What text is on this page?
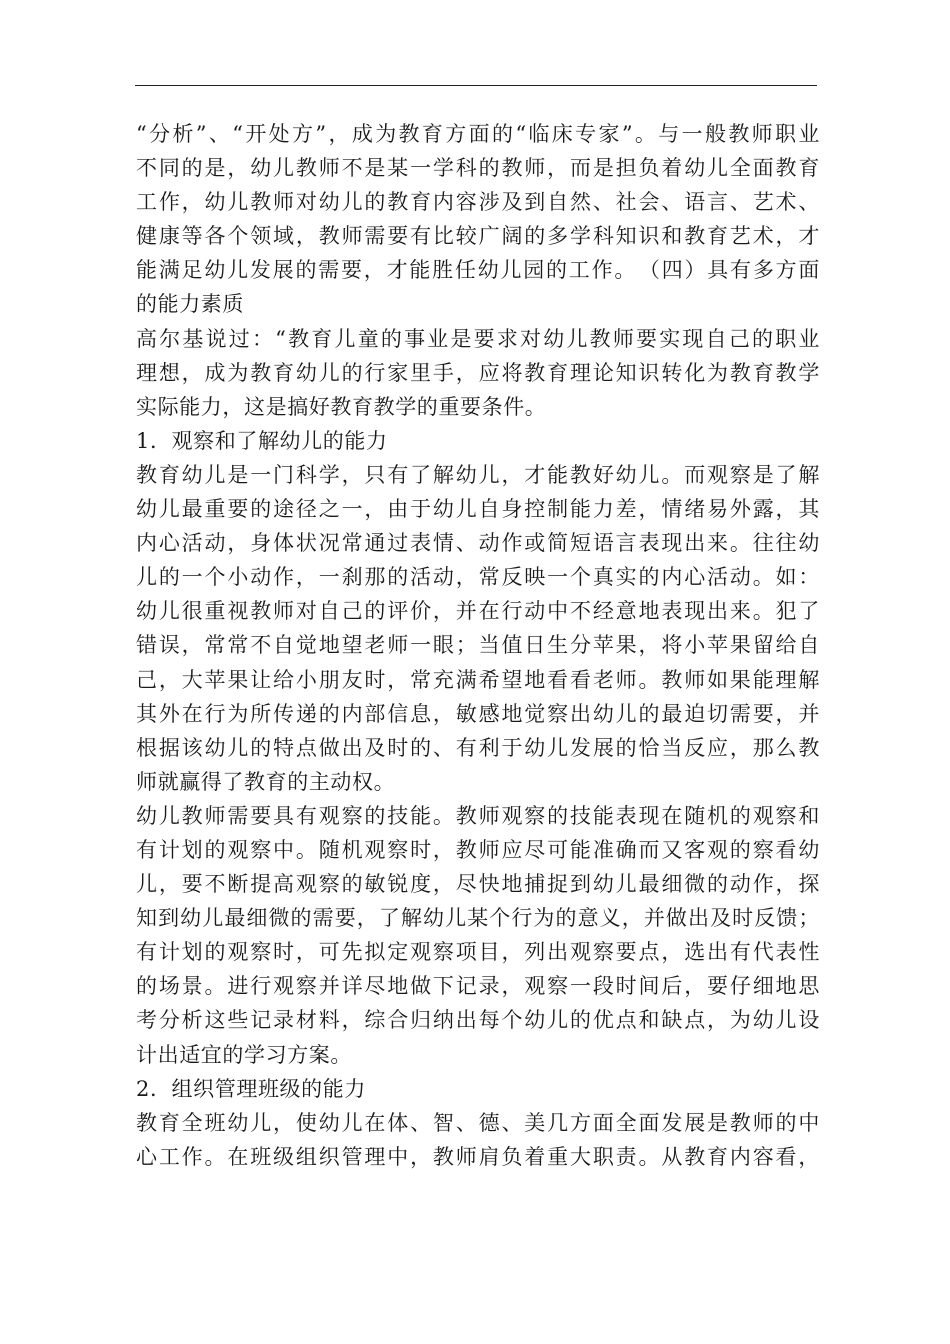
“分析”、“开处方”，成为教育方面的“临床专家”。与一般教师职业
不同的是，幼儿教师不是某一学科的教师，而是担负着幼儿全面教育
工作，幼儿教师对幼儿的教育内容涉及到自然、社会、语言、艺术、
健康等各个领域，教师需要有比较广阔的多学科知识和教育艺术，才
能满足幼儿发展的需要，才能胜任幼儿园的工作。　（四）具有多方面
的能力素质
高尔基说过：“教育儿童的事业是要求对幼儿教师要实现自己的职业
理想，成为教育幼儿的行家里手，应将教育理论知识转化为教育教学
实际能力，这是搞好教育教学的重要条件。
1．观察和了解幼儿的能力
教育幼儿是一门科学，只有了解幼儿，才能教好幼儿。而观察是了解
幼儿最重要的途径之一，由于幼儿自身控制能力差，情绪易外露，其
内心活动，身体状况常通过表情、动作或简短语言表现出来。往往幼
儿的一个小动作，一刹那的活动，常反映一个真实的内心活动。如：
幼儿很重视教师对自己的评价，并在行动中不经意地表现出来。犯了
错误，常常不自觉地望老师一眼；当值日生分苹果，将小苹果留给自
己，大苹果让给小朋友时，常充满希望地看看老师。教师如果能理解
其外在行为所传递的内部信息，敏感地觉察出幼儿的最迫切需要，并
根据该幼儿的特点做出及时的、有利于幼儿发展的恰当反应，那么教
师就赢得了教育的主动权。
幼儿教师需要具有观察的技能。教师观察的技能表现在随机的观察和
有计划的观察中。随机观察时，教师应尽可能准确而又客观的察看幼
儿，要不断提高观察的敏锐度，尽快地捕捉到幼儿最细微的动作，探
知到幼儿最细微的需要，了解幼儿某个行为的意义，并做出及时反馈；
有计划的观察时，可先拟定观察项目，列出观察要点，选出有代表性
的场景。进行观察并详尽地做下记录，观察一段时间后，要仔细地思
考分析这些记录材料，综合归纳出每个幼儿的优点和缺点，为幼儿设
计出适宜的学习方案。
2．组织管理班级的能力
教育全班幼儿，使幼儿在体、智、德、美几方面全面发展是教师的中
心工作。在班级组织管理中，教师肩负着重大职责。从教育内容看，
